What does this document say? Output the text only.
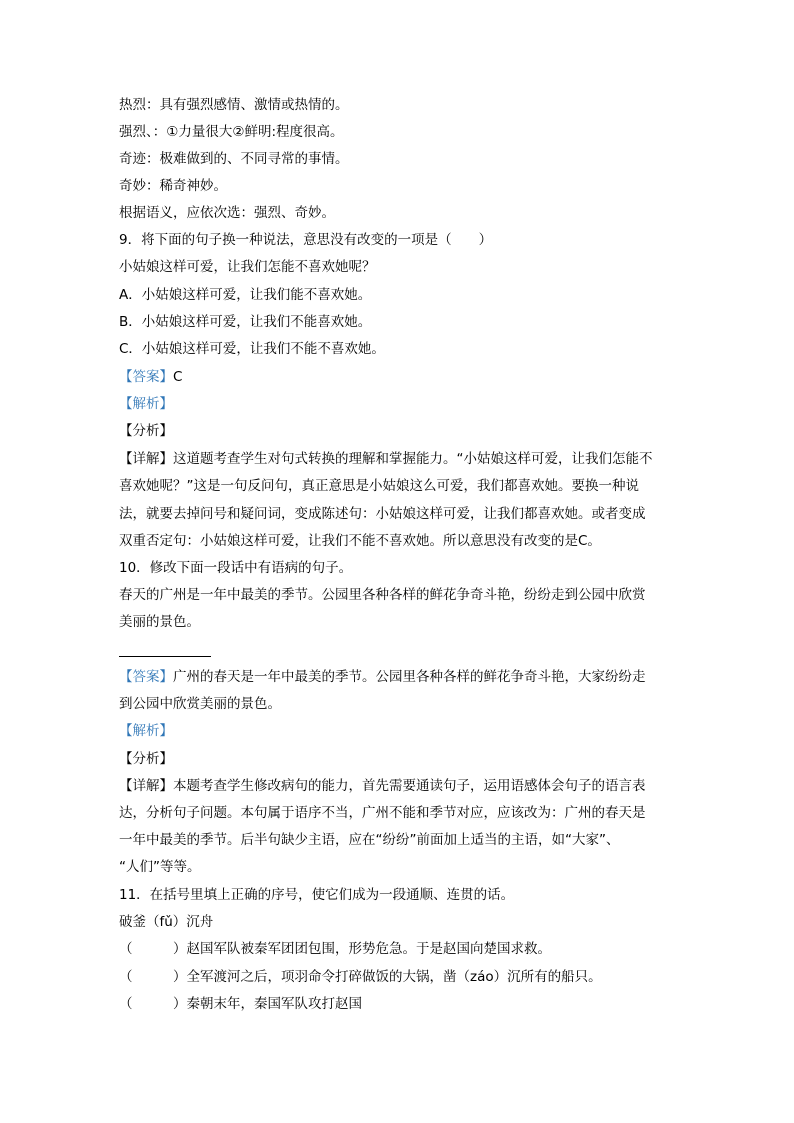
热烈：具有强烈感情、激情或热情的。
强烈、：①力量很大②鲜明:程度很高。
奇迹：极难做到的、不同寻常的事情。
奇妙：稀奇神妙。
根据语义，应依次选：强烈、奇妙。
9．将下面的句子换一种说法，意思没有改变的一项是（　　）
小姑娘这样可爱，让我们怎能不喜欢她呢？
A．小姑娘这样可爱，让我们能不喜欢她。
B．小姑娘这样可爱，让我们不能喜欢她。
C．小姑娘这样可爱，让我们不能不喜欢她。
【答案】C
【解析】
【分析】
【详解】这道题考查学生对句式转换的理解和掌握能力。“小姑娘这样可爱，让我们怎能不
喜欢她呢？”这是一句反问句，真正意思是小姑娘这么可爱，我们都喜欢她。要换一种说
法，就要去掉问号和疑问词，变成陈述句：小姑娘这样可爱，让我们都喜欢她。或者变成
双重否定句：小姑娘这样可爱，让我们不能不喜欢她。所以意思没有改变的是C。
10．修改下面一段话中有语病的句子。
春天的广州是一年中最美的季节。公园里各种各样的鲜花争奇斗艳，纷纷走到公园中欣赏
美丽的景色。
【答案】广州的春天是一年中最美的季节。公园里各种各样的鲜花争奇斗艳，大家纷纷走
到公园中欣赏美丽的景色。
【解析】
【分析】
【详解】本题考查学生修改病句的能力，首先需要通读句子，运用语感体会句子的语言表
达，分析句子问题。本句属于语序不当，广州不能和季节对应，应该改为：广州的春天是
一年中最美的季节。后半句缺少主语，应在“纷纷”前面加上适当的主语，如“大家”、
“人们”等等。
11．在括号里填上正确的序号，使它们成为一段通顺、连贯的话。
破釜（fǔ）沉舟
（　　　）赵国军队被秦军团团包围，形势危急。于是赵国向楚国求救。
（　　　）全军渡河之后，项羽命令打碎做饭的大锅，凿（záo）沉所有的船只。
（　　　）秦朝末年，秦国军队攻打赵国
